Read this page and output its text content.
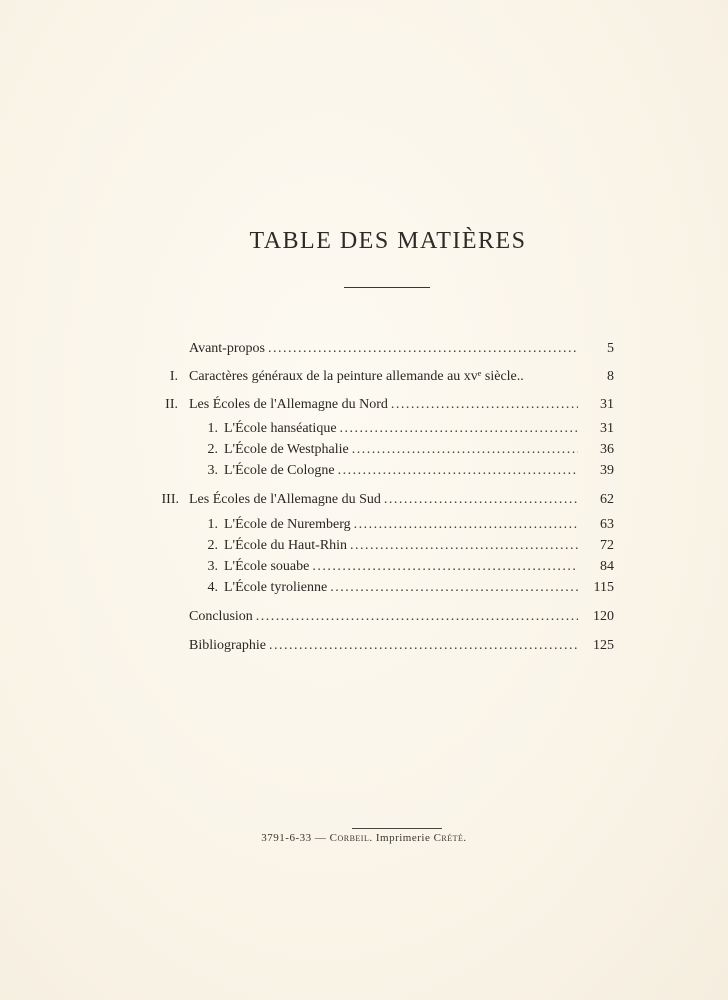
TABLE DES MATIÈRES
Avant-propos . . .	5
I. Caractères généraux de la peinture allemande au xvᵉ siècle..	8
II. Les Écoles de l'Allemagne du Nord . . .	31
1. L'École hanséatique . . .	31
2. L'École de Westphalie . . .	36
3. L'École de Cologne . . .	39
III. Les Écoles de l'Allemagne du Sud . . .	62
1. L'École de Nuremberg . . .	63
2. L'École du Haut-Rhin . . .	72
3. L'École souabe . . .	84
4. L'École tyrolienne . . .	115
Conclusion . . .	120
Bibliographie . . .	125
3791-6-33 — Corbeil. Imprimerie Crété.
